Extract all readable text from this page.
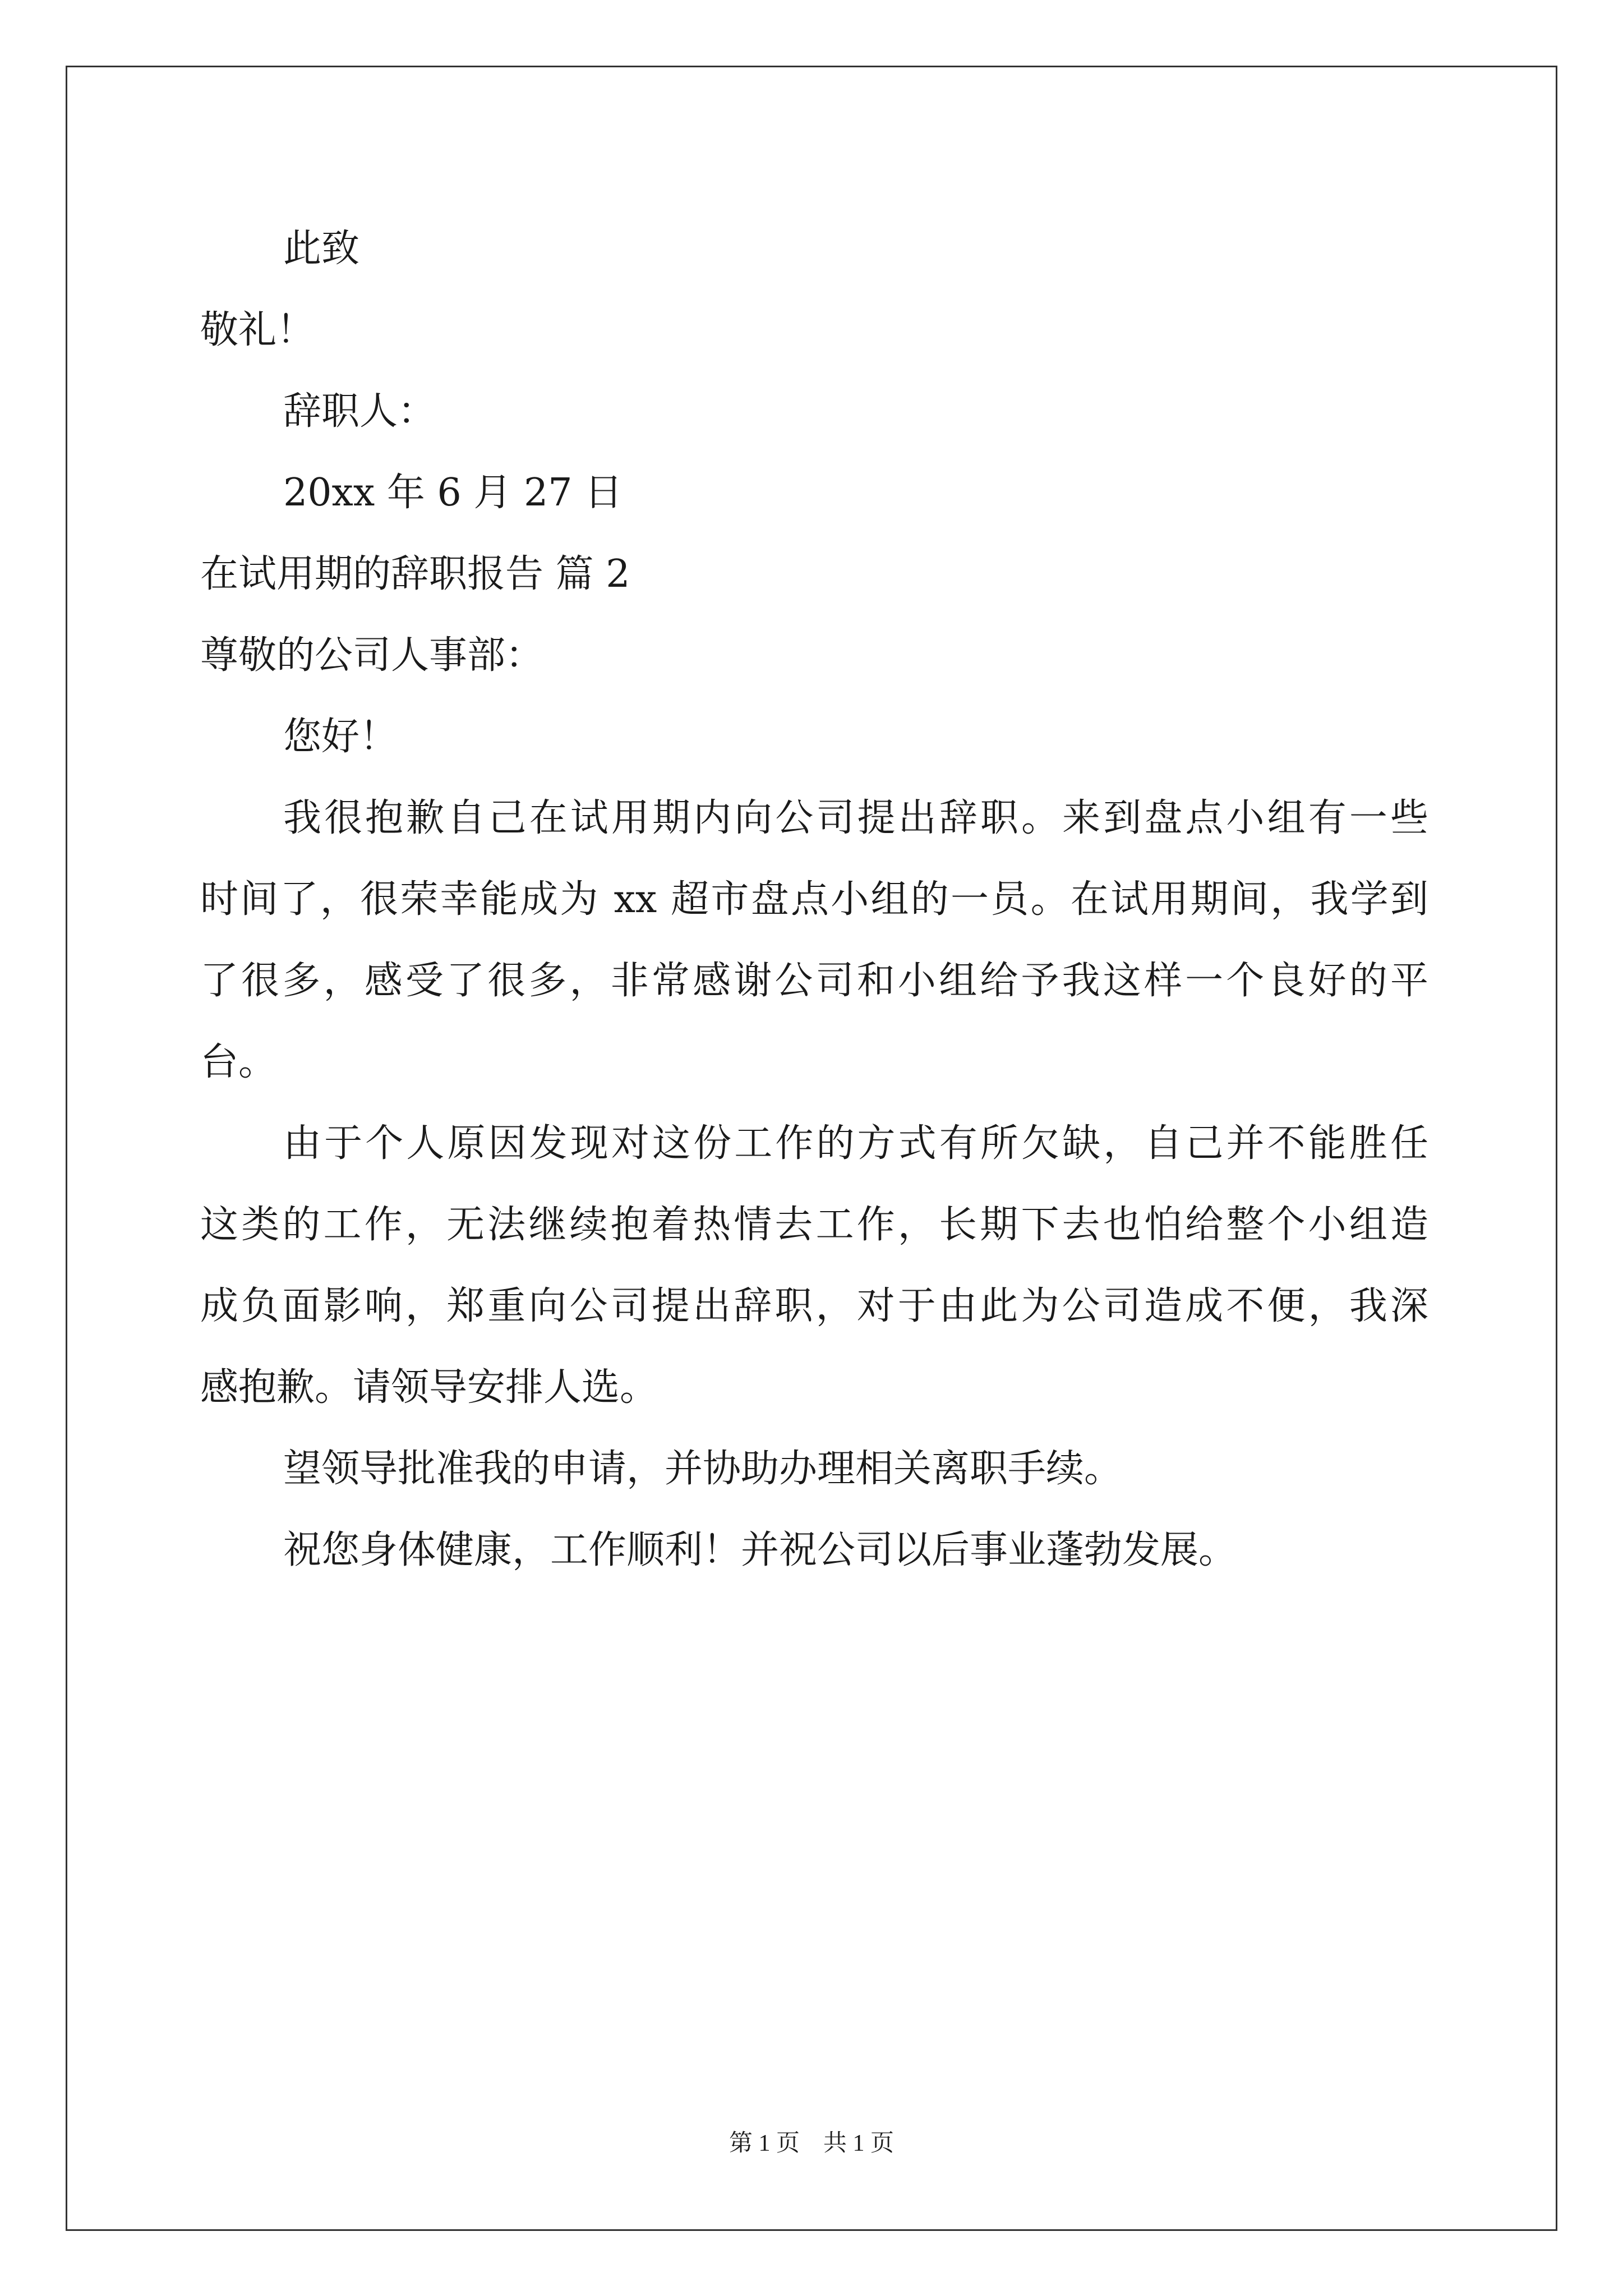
此致
敬礼！
辞职人：
20xx 年 6 月 27 日
在试用期的辞职报告 篇 2
尊敬的公司人事部：
您好！
我很抱歉自己在试用期内向公司提出辞职。来到盘点小组有一些
时间了，很荣幸能成为 xx 超市盘点小组的一员。在试用期间，我学到
了很多，感受了很多，非常感谢公司和小组给予我这样一个良好的平
台。
由于个人原因发现对这份工作的方式有所欠缺，自己并不能胜任
这类的工作，无法继续抱着热情去工作，长期下去也怕给整个小组造
成负面影响，郑重向公司提出辞职，对于由此为公司造成不便，我深
感抱歉。请领导安排人选。
望领导批准我的申请，并协助办理相关离职手续。
祝您身体健康，工作顺利！并祝公司以后事业蓬勃发展。
第 1 页　共 1 页
